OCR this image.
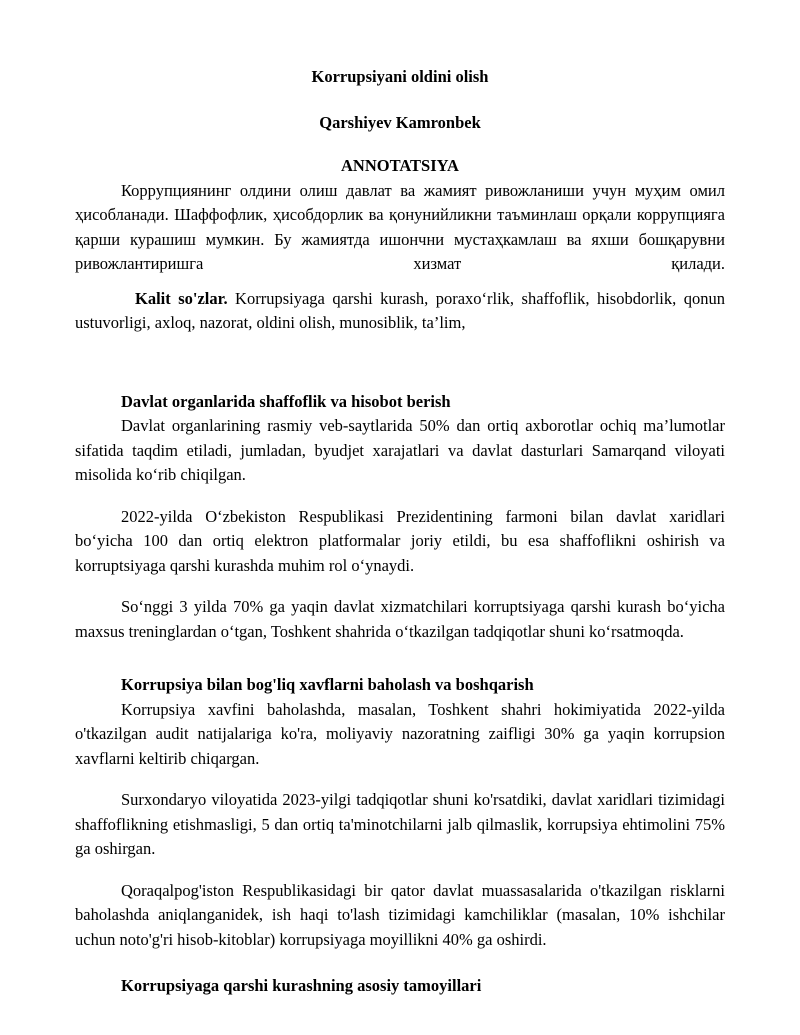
Korrupsiyani oldini olish
Qarshiyev Kamronbek
ANNOTATSIYA

Коррупциянинг олдини олиш давлат ва жамият ривожланиши учун муҳим омил ҳисобланади. Шаффофлик, ҳисобдорлик ва қонунийликни таъминлаш орқали коррупцияга қарши курашиш мумкин. Бу жамиятда ишончни мустаҳкамлаш ва яхши бошқарувни ривожлантиришга хизмат қилади.

Kalit so'zlar. Korrupsiyaga qarshi kurash, poraxo‘rlik, shaffoflik, hisobdorlik, qonun ustuvorligi, axloq, nazorat, oldini olish, munosiblik, ta’lim,

Davlat organlarida shaffoflik va hisobot berish

Davlat organlarining rasmiy veb-saytlarida 50% dan ortiq axborotlar ochiq ma’lumotlar sifatida taqdim etiladi, jumladan, byudjet xarajatlari va davlat dasturlari Samarqand viloyati misolida ko‘rib chiqilgan.

2022-yilda O‘zbekiston Respublikasi Prezidentining farmoni bilan davlat xaridlari bo‘yicha 100 dan ortiq elektron platformalar joriy etildi, bu esa shaffoflikni oshirish va korruptsiyaga qarshi kurashda muhim rol o‘ynaydi.

So‘nggi 3 yilda 70% ga yaqin davlat xizmatchilari korruptsiyaga qarshi kurash bo‘yicha maxsus treninglardan o‘tgan, Toshkent shahrida o‘tkazilgan tadqiqotlar shuni ko‘rsatmoqda.

Korrupsiya bilan bog'liq xavflarni baholash va boshqarish

Korrupsiya xavfini baholashda, masalan, Toshkent shahri hokimiyatida 2022-yilda o'tkazilgan audit natijalariga ko'ra, moliyaviy nazoratning zaifligi 30% ga yaqin korrupsion xavflarni keltirib chiqargan.

Surxondaryo viloyatida 2023-yilgi tadqiqotlar shuni ko'rsatdiki, davlat xaridlari tizimidagi shaffoflikning etishmasligi, 5 dan ortiq ta'minotchilarni jalb qilmaslik, korrupsiya ehtimolini 75% ga oshirgan.

Qoraqalpog'iston Respublikasidagi bir qator davlat muassasalarida o'tkazilgan risklarni baholashda aniqlanganidek, ish haqi to'lash tizimidagi kamchiliklar (masalan, 10% ishchilar uchun noto'g'ri hisob-kitoblar) korrupsiyaga moyillikni 40% ga oshirdi.

Korrupsiyaga qarshi kurashning asosiy tamoyillari
